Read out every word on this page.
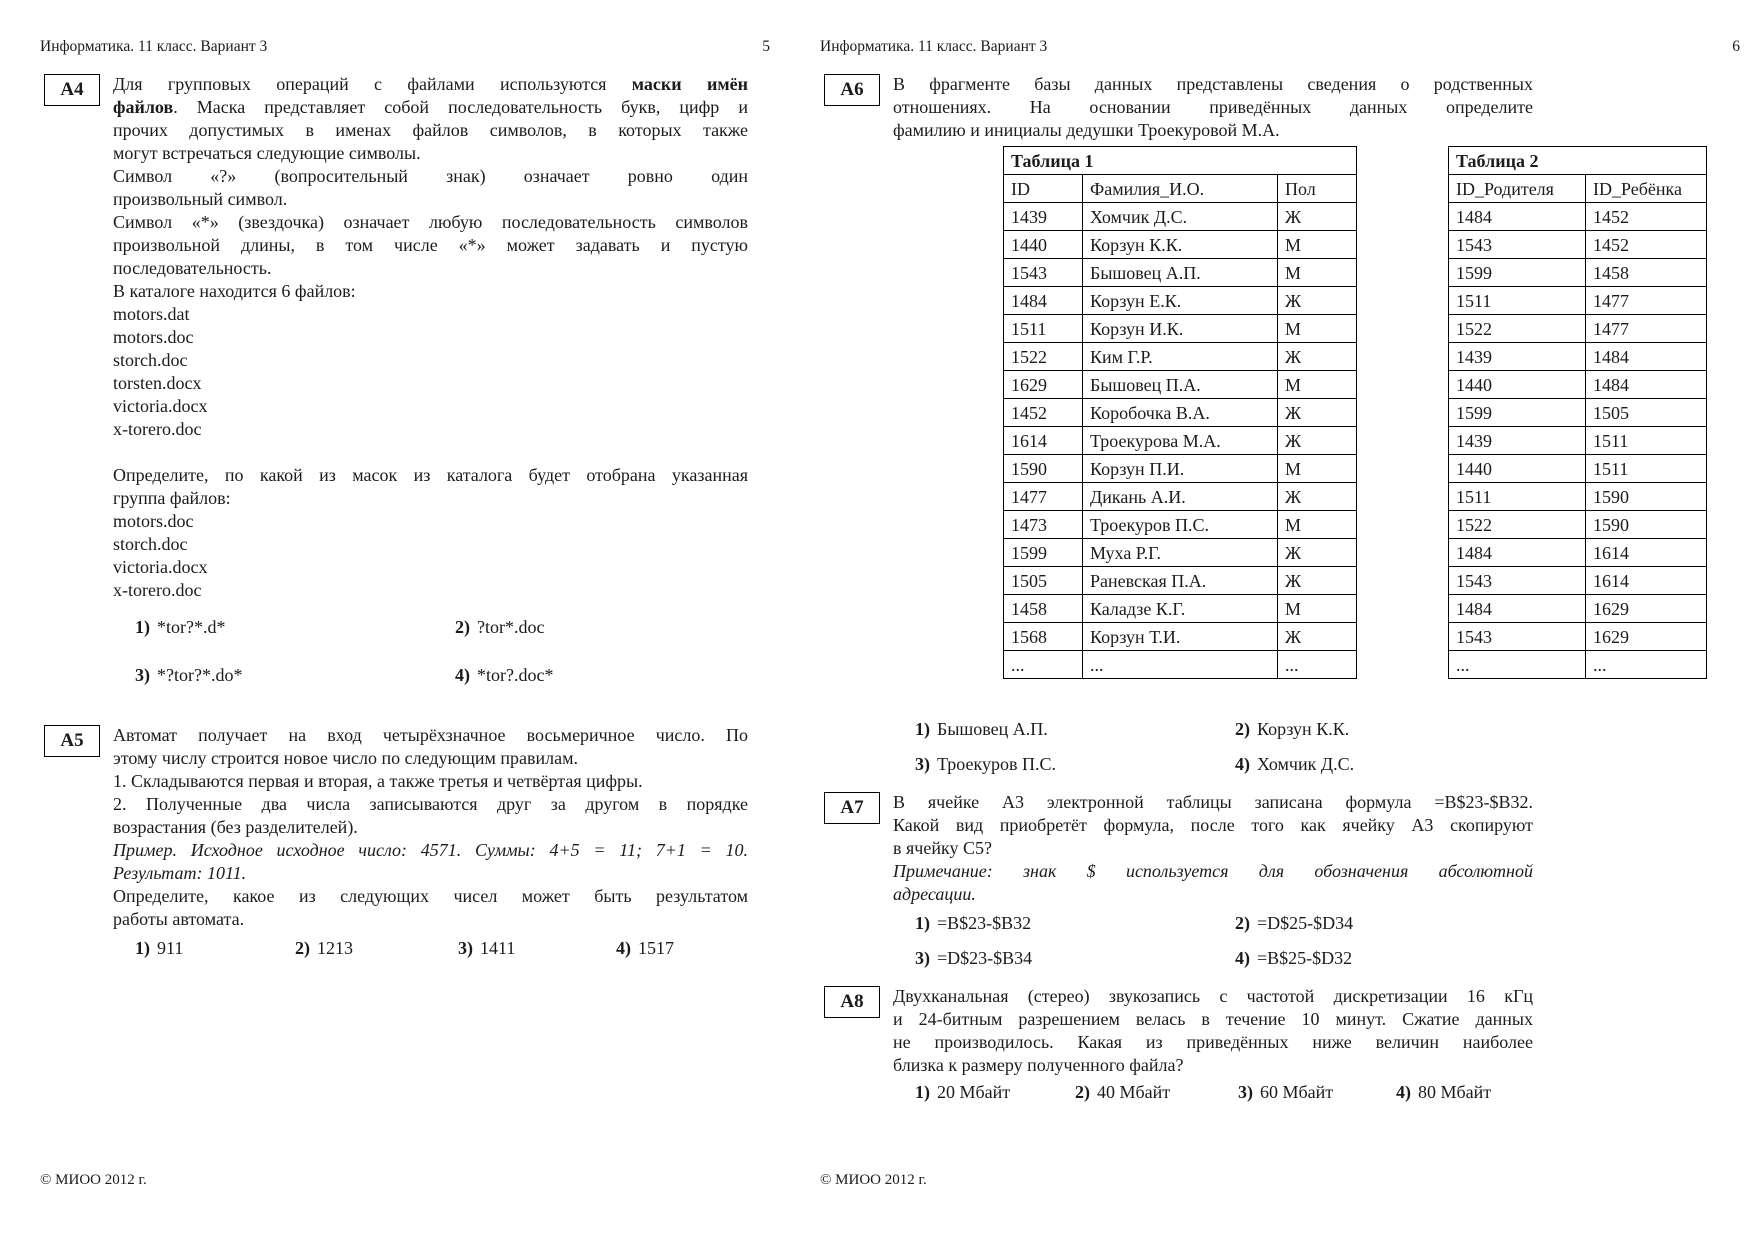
Информатика. 11 класс. Вариант 3	5
А4	Для групповых операций с файлами используются маски имён
файлов. Маска представляет собой последовательность букв, цифр и
прочих допустимых в именах файлов символов, в которых также
могут встречаться следующие символы.
Символ «?» (вопросительный знак) означает ровно один
произвольный символ.
Символ «*» (звездочка) означает любую последовательность символов
произвольной длины, в том числе «*» может задавать и пустую
последовательность.
В каталоге находится 6 файлов:
motors.dat
motors.doc
storch.doc
torsten.docx
victoria.docx
x-torero.doc
Определите, по какой из масок из каталога будет отобрана указанная
группа файлов:
motors.doc
storch.doc
victoria.docx
x-torero.doc
1) *tor?*.d*	2) ?tor*.doc
3) *?tor?*.do*	4) *tor?.doc*
А5	Автомат получает на вход четырёхзначное восьмеричное число. По
этому числу строится новое число по следующим правилам.
1. Складываются первая и вторая, а также третья и четвёртая цифры.
2. Полученные два числа записываются друг за другом в порядке
возрастания (без разделителей).
Пример. Исходное исходное число: 4571. Суммы: 4+5 = 11; 7+1 = 10.
Результат: 1011.
Определите, какое из следующих чисел может быть результатом
работы автомата.
1) 911	2) 1213	3) 1411	4) 1517
© МИОО 2012 г.
Информатика. 11 класс. Вариант 3	6
А6	В фрагменте базы данных представлены сведения о родственных
отношениях. На основании приведённых данных определите
фамилию и инициалы дедушки Троекуровой М.А.
Таблица 1		
ID	Фамилия_И.О.	Пол
1439	Хомчик Д.С.	Ж
1440	Корзун К.К.	М
1543	Бышовец А.П.	М
1484	Корзун Е.К.	Ж
1511	Корзун И.К.	М
1522	Ким Г.Р.	Ж
1629	Бышовец П.А.	М
1452	Коробочка В.А.	Ж
1614	Троекурова М.А.	Ж
1590	Корзун П.И.	М
1477	Дикань А.И.	Ж
1473	Троекуров П.С.	М
1599	Муха Р.Г.	Ж
1505	Раневская П.А.	Ж
1458	Каладзе К.Г.	М
1568	Корзун Т.И.	Ж
...	...	...
Таблица 2	
ID_Родителя	ID_Ребёнка
1484	1452
1543	1452
1599	1458
1511	1477
1522	1477
1439	1484
1440	1484
1599	1505
1439	1511
1440	1511
1511	1590
1522	1590
1484	1614
1543	1614
1484	1629
1543	1629
...	...
1) Бышовец А.П.	2) Корзун К.К.
3) Троекуров П.С.	4) Хомчик Д.С.
А7	В ячейке А3 электронной таблицы записана формула =B$23-$B32.
Какой вид приобретёт формула, после того как ячейку А3 скопируют
в ячейку С5?
Примечание: знак $ используется для обозначения абсолютной
адресации.
1) =B$23-$B32	2) =D$25-$D34
3) =D$23-$B34	4) =B$25-$D32
А8	Двухканальная (стерео) звукозапись с частотой дискретизации 16 кГц
и 24-битным разрешением велась в течение 10 минут. Сжатие данных
не производилось. Какая из приведённых ниже величин наиболее
близка к размеру полученного файла?
1) 20 Мбайт	2) 40 Мбайт	3) 60 Мбайт	4) 80 Мбайт
© МИОО 2012 г.
